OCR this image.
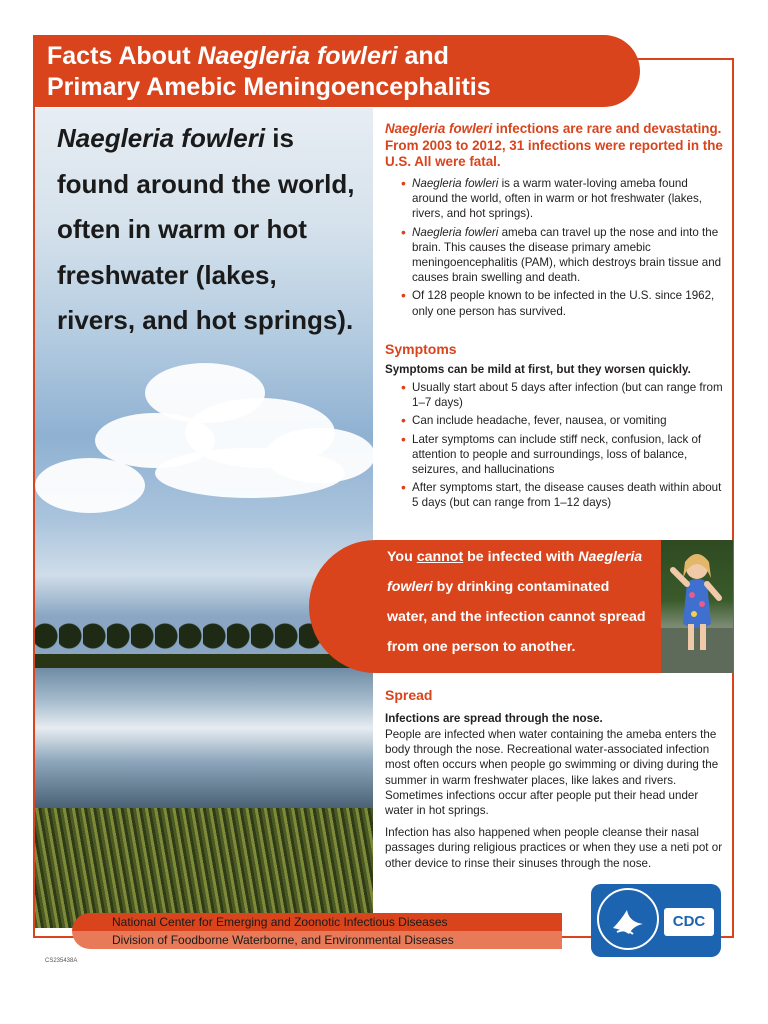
Facts About Naegleria fowleri and
Primary Amebic Meningoencephalitis
Naegleria fowleri is found around the world, often in warm or hot freshwater (lakes, rivers, and hot springs).
Naegleria fowleri infections are rare and devastating. From 2003 to 2012, 31 infections were reported in the U.S. All were fatal.
• Naegleria fowleri is a warm water-loving ameba found around the world, often in warm or hot freshwater (lakes, rivers, and hot springs).
• Naegleria fowleri ameba can travel up the nose and into the brain. This causes the disease primary amebic meningoencephalitis (PAM), which destroys brain tissue and causes brain swelling and death.
• Of 128 people known to be infected in the U.S. since 1962, only one person has survived.
Symptoms
Symptoms can be mild at first, but they worsen quickly.
• Usually start about 5 days after infection (but can range from 1–7 days)
• Can include headache, fever, nausea, or vomiting
• Later symptoms can include stiff neck, confusion, lack of attention to people and surroundings, loss of balance, seizures, and hallucinations
• After symptoms start, the disease causes death within about 5 days (but can range from 1–12 days)
You cannot be infected with Naegleria fowleri by drinking contaminated water, and the infection cannot spread from one person to another.
Spread
Infections are spread through the nose.

People are infected when water containing the ameba enters the body through the nose. Recreational water-associated infection most often occurs when people go swimming or diving during the summer in warm freshwater places, like lakes and rivers. Sometimes infections occur after people put their head under water in hot springs.

Infection has also happened when people cleanse their nasal passages during religious practices or when they use a neti pot or other device to rinse their sinuses through the nose.

National Center for Emerging and Zoonotic Infectious Diseases
Division of Foodborne Waterborne, and Environmental Diseases
CDC
CS235438A
